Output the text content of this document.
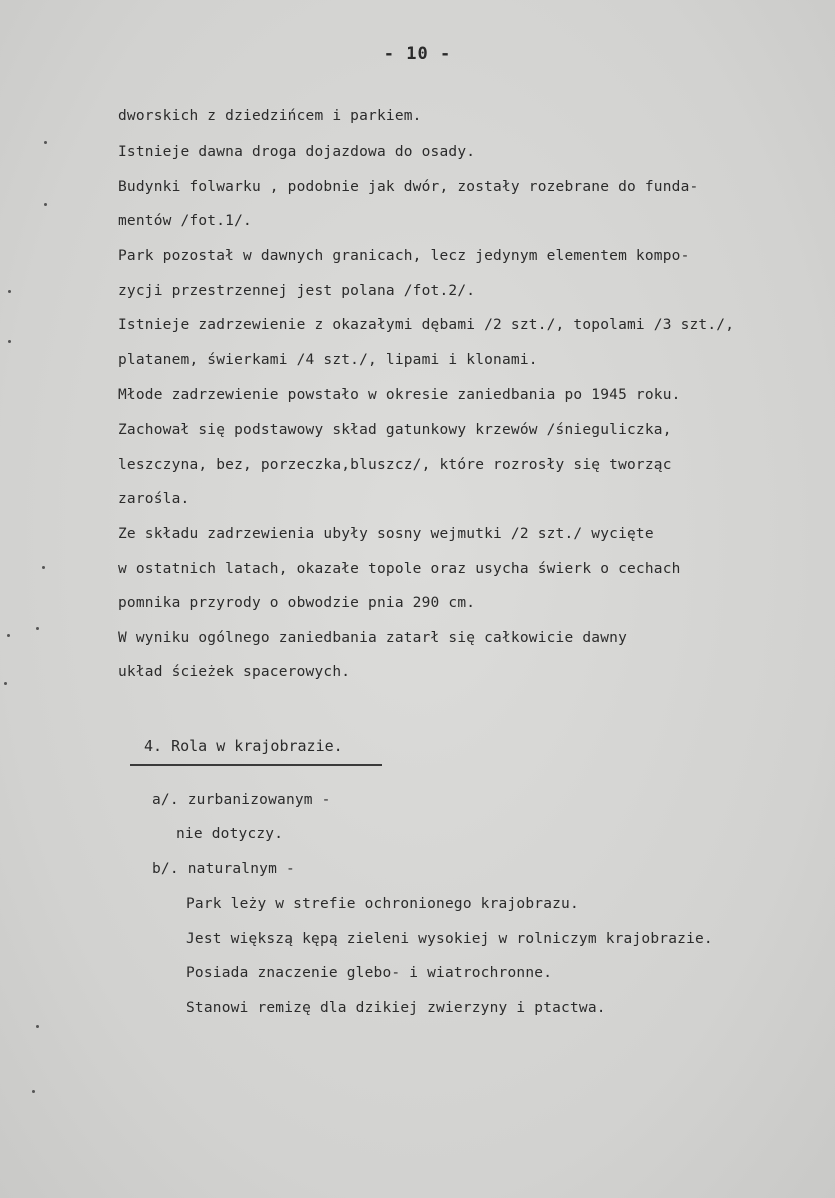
- 10 -
dworskich z dziedzińcem i parkiem.
Istnieje dawna droga dojazdowa do osady.
Budynki folwarku , podobnie jak dwór, zostały rozebrane do funda-
mentów /fot.1/.
Park pozostał w dawnych granicach, lecz jedynym elementem kompo-
zycji przestrzennej jest polana /fot.2/.
Istnieje zadrzewienie z okazałymi dębami /2 szt./, topolami /3 szt./,
platanem, świerkami /4 szt./, lipami i klonami.
Młode zadrzewienie powstało w okresie zaniedbania po 1945 roku.
Zachował się podstawowy skład gatunkowy krzewów /śnieguliczka,
leszczyna, bez, porzeczka,bluszcz/, które rozrosły się tworząc
zarośla.
Ze składu zadrzewienia ubyły sosny wejmutki /2 szt./ wycięte
w ostatnich latach, okazałe topole oraz usycha świerk o cechach
pomnika przyrody o obwodzie pnia 290 cm.
W wyniku ogólnego zaniedbania zatarł się całkowicie dawny
układ ścieżek spacerowych.
4. Rola w krajobrazie.
a/. zurbanizowanym -
nie dotyczy.
b/. naturalnym -
Park leży w strefie ochronionego krajobrazu.
Jest większą kępą zieleni wysokiej w rolniczym krajobrazie.
Posiada znaczenie glebo- i wiatrochronne.
Stanowi remizę dla dzikiej zwierzyny i ptactwa.
